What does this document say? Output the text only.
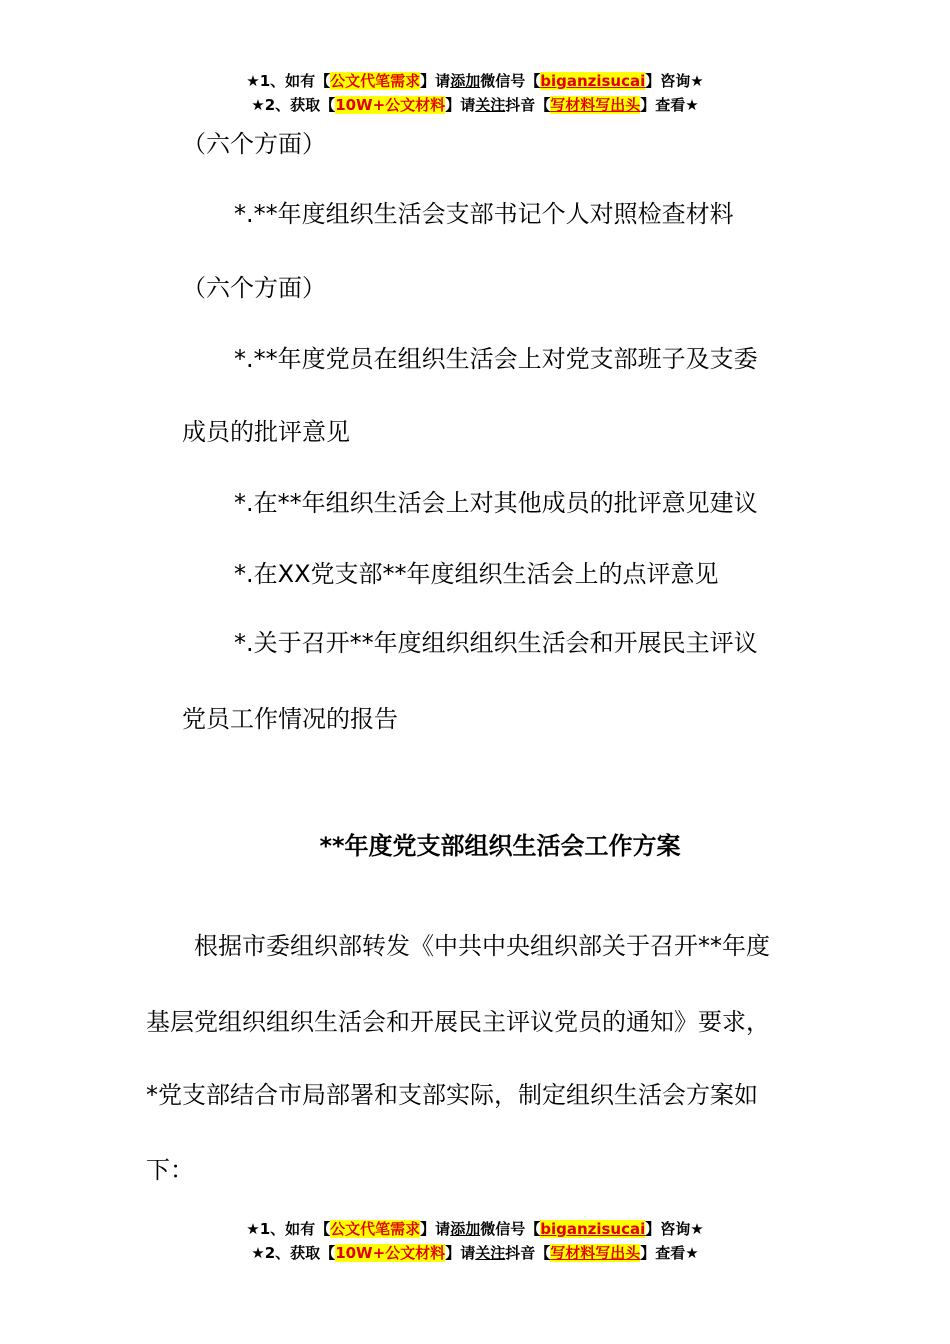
★1、如有【公文代笔需求】请添加微信号【biganzisucai】咨询★
★2、获取【10W+公文材料】请关注抖音【写材料写出头】查看★
（六个方面）
*.**年度组织生活会支部书记个人对照检查材料
（六个方面）
*.**年度党员在组织生活会上对党支部班子及支委
成员的批评意见
*.在**年组织生活会上对其他成员的批评意见建议
*.在XX党支部**年度组织生活会上的点评意见
*.关于召开**年度组织组织生活会和开展民主评议
党员工作情况的报告
**年度党支部组织生活会工作方案
根据市委组织部转发《中共中央组织部关于召开**年度
基层党组织组织生活会和开展民主评议党员的通知》要求，
*党支部结合市局部署和支部实际，制定组织生活会方案如
下：
★1、如有【公文代笔需求】请添加微信号【biganzisucai】咨询★
★2、获取【10W+公文材料】请关注抖音【写材料写出头】查看★
